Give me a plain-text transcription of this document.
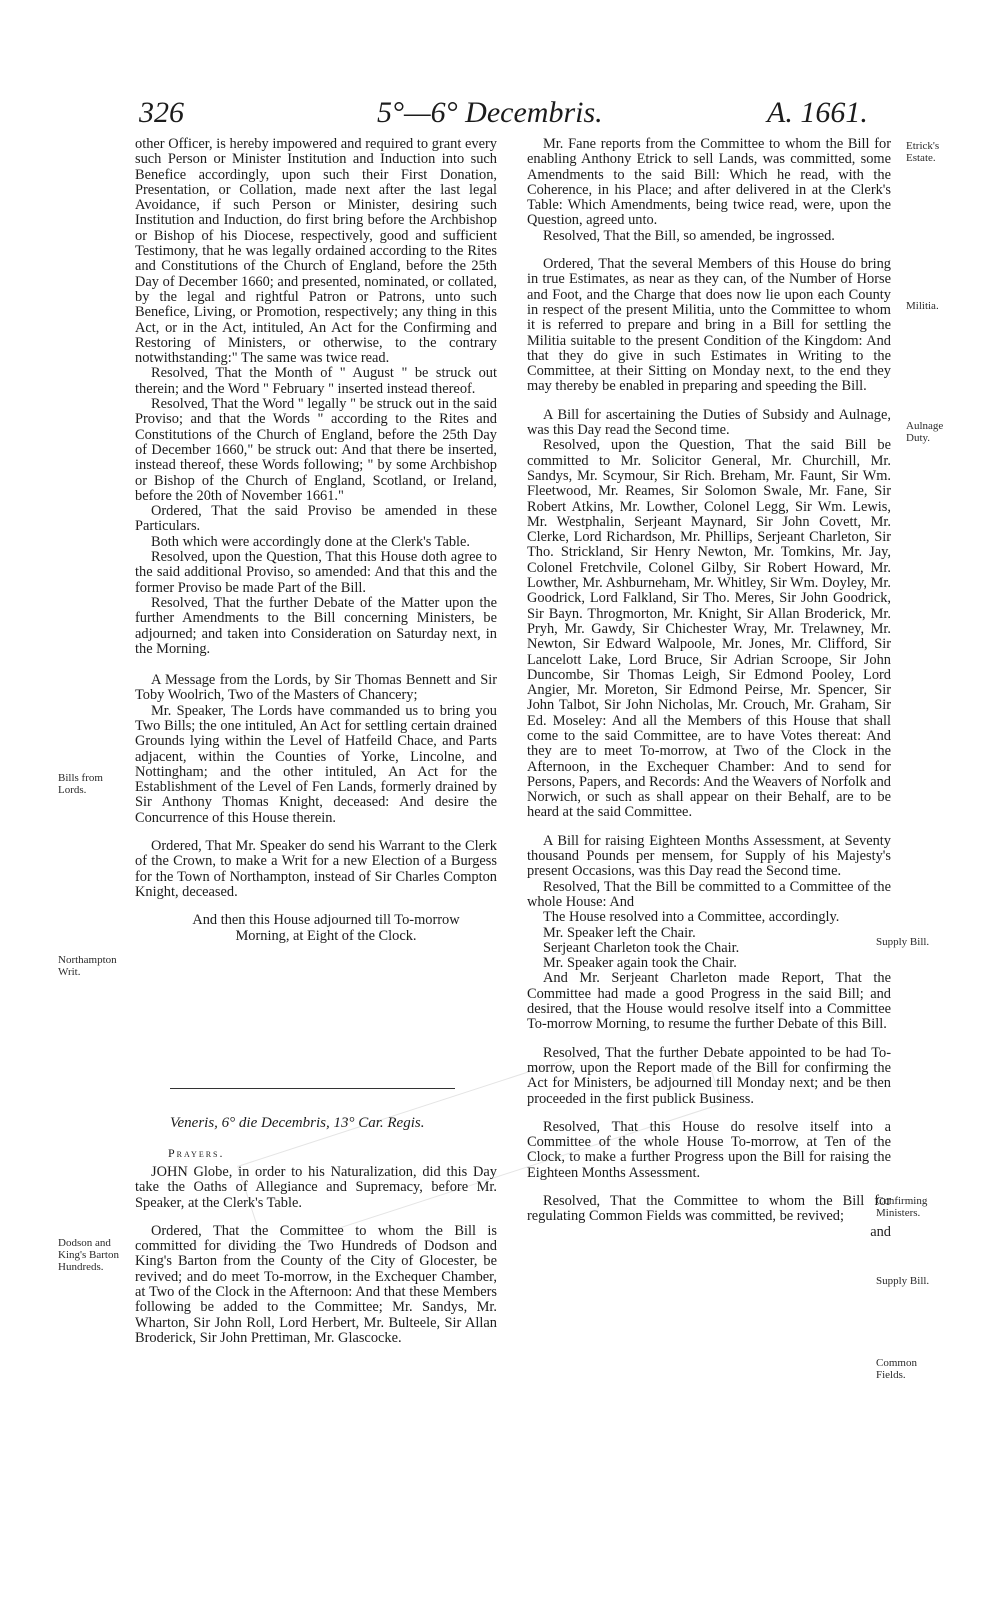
326	5°—6° Decembris.	A. 1661.

other Officer, is hereby impowered and required to grant every such Person or Minister Institution and Induction into such Benefice accordingly, upon such their First Donation, Presentation, or Collation, made next after the last legal Avoidance, if such Person or Minister, desiring such Institution and Induction, do first bring before the Archbishop or Bishop of his Diocese, respectively, good and sufficient Testimony, that he was legally ordained according to the Rites and Constitutions of the Church of England, before the 25th Day of December 1660; and presented, nominated, or collated, by the legal and rightful Patron or Patrons, unto such Benefice, Living, or Promotion, respectively; any thing in this Act, or in the Act, intituled, An Act for the Confirming and Restoring of Ministers, or otherwise, to the contrary notwithstanding:" The same was twice read.

Resolved, That the Month of " August " be struck out therein; and the Word " February " inserted instead thereof.

Resolved, That the Word " legally " be struck out in the said Proviso; and that the Words " according to the Rites and Constitutions of the Church of England, before the 25th Day of December 1660," be struck out: And that there be inserted, instead thereof, these Words following; " by some Archbishop or Bishop of the Church of England, Scotland, or Ireland, before the 20th of November 1661."

Ordered, That the said Proviso be amended in these Particulars.

Both which were accordingly done at the Clerk's Table.

Resolved, upon the Question, That this House doth agree to the said additional Proviso, so amended: And that this and the former Proviso be made Part of the Bill.

Resolved, That the further Debate of the Matter upon the further Amendments to the Bill concerning Ministers, be adjourned; and taken into Consideration on Saturday next, in the Morning.

A Message from the Lords, by Sir Thomas Bennett and Sir Toby Woolrich, Two of the Masters of Chancery;

Mr. Speaker, The Lords have commanded us to bring you Two Bills; the one intituled, An Act for settling certain drained Grounds lying within the Level of Hatfeild Chace, and Parts adjacent, within the Counties of Yorke, Lincolne, and Nottingham; and the other intituled, An Act for the Establishment of the Level of Fen Lands, formerly drained by Sir Anthony Thomas Knight, deceased: And desire the Concurrence of this House therein.

Ordered, That Mr. Speaker do send his Warrant to the Clerk of the Crown, to make a Writ for a new Election of a Burgess for the Town of Northampton, instead of Sir Charles Compton Knight, deceased.

And then this House adjourned till To-morrow Morning, at Eight of the Clock.

Veneris, 6° die Decembris, 13° Car. Regis.
Prayers.

JOHN Globe, in order to his Naturalization, did this Day take the Oaths of Allegiance and Supremacy, before Mr. Speaker, at the Clerk's Table.

Ordered, That the Committee to whom the Bill is committed for dividing the Two Hundreds of Dodson and King's Barton from the County of the City of Glocester, be revived; and do meet To-morrow, in the Exchequer Chamber, at Two of the Clock in the Afternoon: And that these Members following be added to the Committee; Mr. Sandys, Mr. Wharton, Sir John Roll, Lord Herbert, Mr. Bulteele, Sir Allan Broderick, Sir John Prettiman, Mr. Glascocke.

Mr. Fane reports from the Committee to whom the Bill for enabling Anthony Etrick to sell Lands, was committed, some Amendments to the said Bill: Which he read, with the Coherence, in his Place; and after delivered in at the Clerk's Table: Which Amendments, being twice read, were, upon the Question, agreed unto.

Resolved, That the Bill, so amended, be ingrossed.

Ordered, That the several Members of this House do bring in true Estimates, as near as they can, of the Number of Horse and Foot, and the Charge that does now lie upon each County in respect of the present Militia, unto the Committee to whom it is referred to prepare and bring in a Bill for settling the Militia suitable to the present Condition of the Kingdom: And that they do give in such Estimates in Writing to the Committee, at their Sitting on Monday next, to the end they may thereby be enabled in preparing and speeding the Bill.

A Bill for ascertaining the Duties of Subsidy and Aulnage, was this Day read the Second time.

Resolved, upon the Question, That the said Bill be committed to Mr. Solicitor General, Mr. Churchill, Mr. Sandys, Mr. Scymour, Sir Rich. Breham, Mr. Faunt, Sir Wm. Fleetwood, Mr. Reames, Sir Solomon Swale, Mr. Fane, Sir Robert Atkins, Mr. Lowther, Colonel Legg, Sir Wm. Lewis, Mr. Westphalin, Serjeant Maynard, Sir John Covett, Mr. Clerke, Lord Richardson, Mr. Phillips, Serjeant Charleton, Sir Tho. Strickland, Sir Henry Newton, Mr. Tomkins, Mr. Jay, Colonel Fretchvile, Colonel Gilby, Sir Robert Howard, Mr. Lowther, Mr. Ashburneham, Mr. Whitley, Sir Wm. Doyley, Mr. Goodrick, Lord Falkland, Sir Tho. Meres, Sir John Goodrick, Sir Bayn. Throgmorton, Mr. Knight, Sir Allan Broderick, Mr. Pryh, Mr. Gawdy, Sir Chichester Wray, Mr. Trelawney, Mr. Newton, Sir Edward Walpoole, Mr. Jones, Mr. Clifford, Sir Lancelott Lake, Lord Bruce, Sir Adrian Scroope, Sir John Duncombe, Sir Thomas Leigh, Sir Edmond Pooley, Lord Angier, Mr. Moreton, Sir Edmond Peirse, Mr. Spencer, Sir John Talbot, Sir John Nicholas, Mr. Crouch, Mr. Graham, Sir Ed. Moseley: And all the Members of this House that shall come to the said Committee, are to have Votes thereat: And they are to meet To-morrow, at Two of the Clock in the Afternoon, in the Exchequer Chamber: And to send for Persons, Papers, and Records: And the Weavers of Norfolk and Norwich, or such as shall appear on their Behalf, are to be heard at the said Committee.

A Bill for raising Eighteen Months Assessment, at Seventy thousand Pounds per mensem, for Supply of his Majesty's present Occasions, was this Day read the Second time.

Resolved, That the Bill be committed to a Committee of the whole House: And

The House resolved into a Committee, accordingly.

Mr. Speaker left the Chair.

Serjeant Charleton took the Chair.

Mr. Speaker again took the Chair.

And Mr. Serjeant Charleton made Report, That the Committee had made a good Progress in the said Bill; and desired, that the House would resolve itself into a Committee To-morrow Morning, to resume the further Debate of this Bill.

Resolved, That the further Debate appointed to be had To-morrow, upon the Report made of the Bill for confirming the Act for Ministers, be adjourned till Monday next; and be then proceeded in the first publick Business.

Resolved, That this House do resolve itself into a Committee of the whole House To-morrow, at Ten of the Clock, to make a further Progress upon the Bill for raising the Eighteen Months Assessment.

Resolved, That the Committee to whom the Bill for regulating Common Fields was committed, be revived;

and

Bills from Lords.
Northampton Writ.
Dodson and King's Barton Hundreds.
Etrick's Estate.
Militia.
Aulnage Duty.
Supply Bill.
Confirming Ministers.
Supply Bill.
Common Fields.
